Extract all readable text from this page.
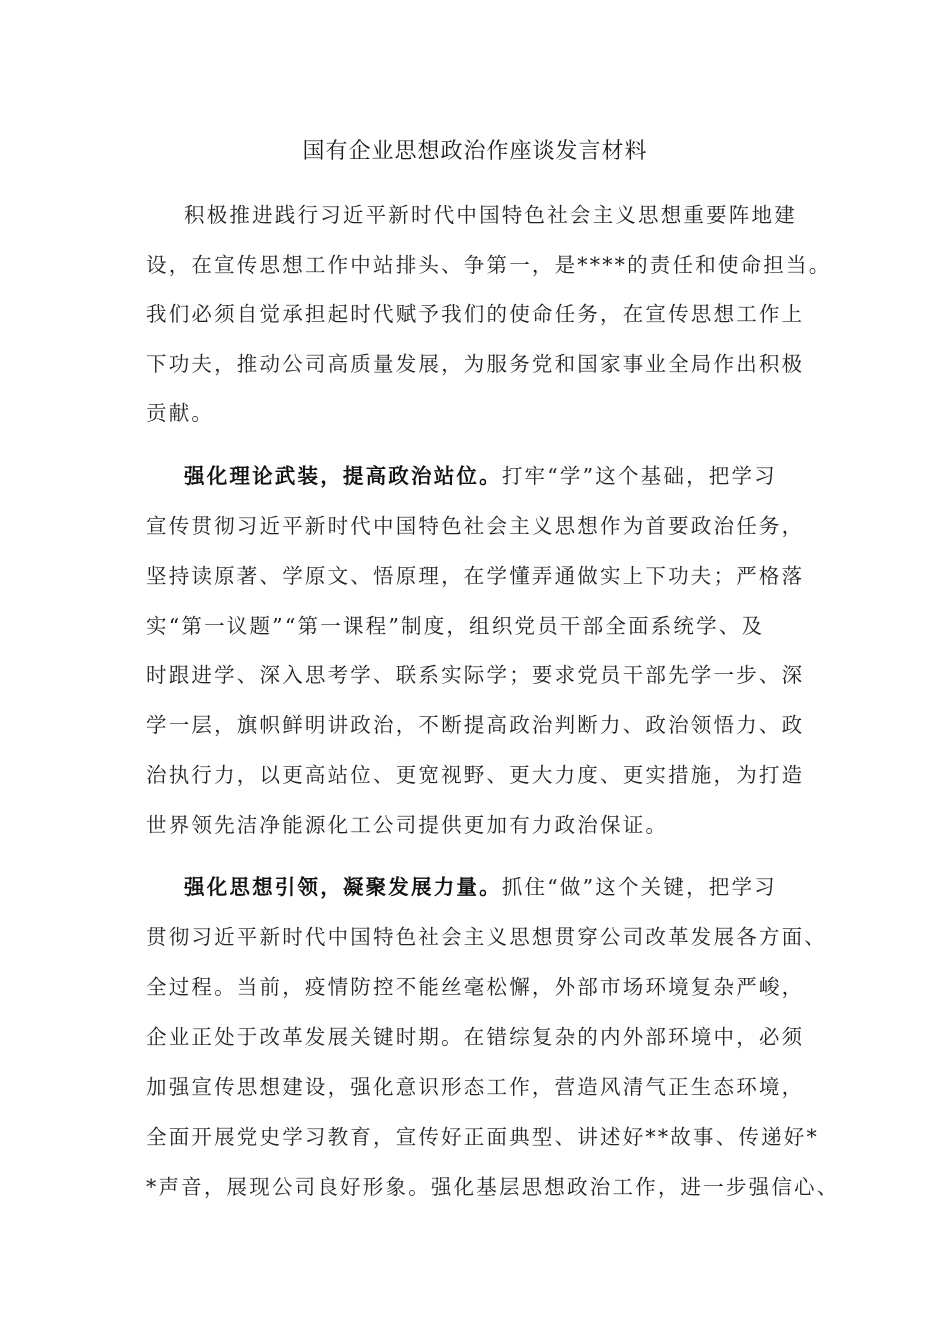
国有企业思想政治作座谈发言材料
积极推进践行习近平新时代中国特色社会主义思想重要阵地建
设，在宣传思想工作中站排头、争第一，是****的责任和使命担当。
我们必须自觉承担起时代赋予我们的使命任务，在宣传思想工作上
下功夫，推动公司高质量发展，为服务党和国家事业全局作出积极
贡献。
强化理论武装，提高政治站位。打牢“学”这个基础，把学习
宣传贯彻习近平新时代中国特色社会主义思想作为首要政治任务，
坚持读原著、学原文、悟原理，在学懂弄通做实上下功夫；严格落
实“第一议题”“第一课程”制度，组织党员干部全面系统学、及
时跟进学、深入思考学、联系实际学；要求党员干部先学一步、深
学一层，旗帜鲜明讲政治，不断提高政治判断力、政治领悟力、政
治执行力，以更高站位、更宽视野、更大力度、更实措施，为打造
世界领先洁净能源化工公司提供更加有力政治保证。
强化思想引领，凝聚发展力量。抓住“做”这个关键，把学习
贯彻习近平新时代中国特色社会主义思想贯穿公司改革发展各方面、
全过程。当前，疫情防控不能丝毫松懈，外部市场环境复杂严峻，
企业正处于改革发展关键时期。在错综复杂的内外部环境中，必须
加强宣传思想建设，强化意识形态工作，营造风清气正生态环境，
全面开展党史学习教育，宣传好正面典型、讲述好**故事、传递好*
*声音，展现公司良好形象。强化基层思想政治工作，进一步强信心、
